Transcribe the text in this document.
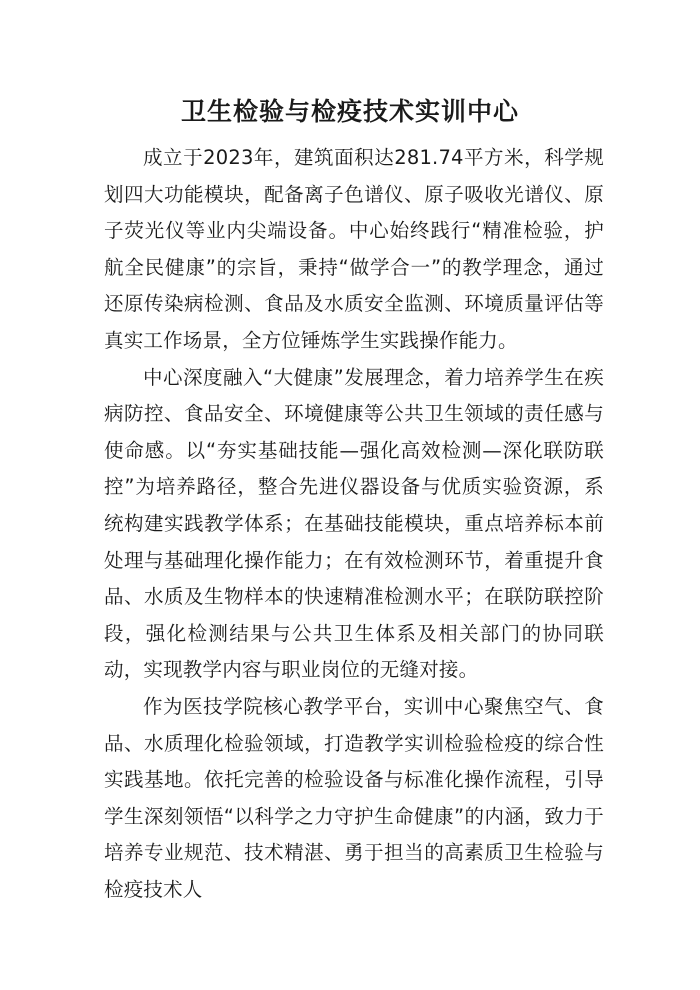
卫生检验与检疫技术实训中心

成立于2023年，建筑面积达281.74平方米，科学规划四大功能模块，配备离子色谱仪、原子吸收光谱仪、原子荧光仪等业内尖端设备。中心始终践行“精准检验，护航全民健康”的宗旨，秉持“做学合一”的教学理念，通过还原传染病检测、食品及水质安全监测、环境质量评估等真实工作场景，全方位锤炼学生实践操作能力。

中心深度融入“大健康”发展理念，着力培养学生在疾病防控、食品安全、环境健康等公共卫生领域的责任感与使命感。以“夯实基础技能—强化高效检测—深化联防联控”为培养路径，整合先进仪器设备与优质实验资源，系统构建实践教学体系；在基础技能模块，重点培养标本前处理与基础理化操作能力；在有效检测环节，着重提升食品、水质及生物样本的快速精准检测水平；在联防联控阶段，强化检测结果与公共卫生体系及相关部门的协同联动，实现教学内容与职业岗位的无缝对接。

作为医技学院核心教学平台，实训中心聚焦空气、食品、水质理化检验领域，打造教学实训检验检疫的综合性实践基地。依托完善的检验设备与标准化操作流程，引导学生深刻领悟“以科学之力守护生命健康”的内涵，致力于培养专业规范、技术精湛、勇于担当的高素质卫生检验与检疫技术人
